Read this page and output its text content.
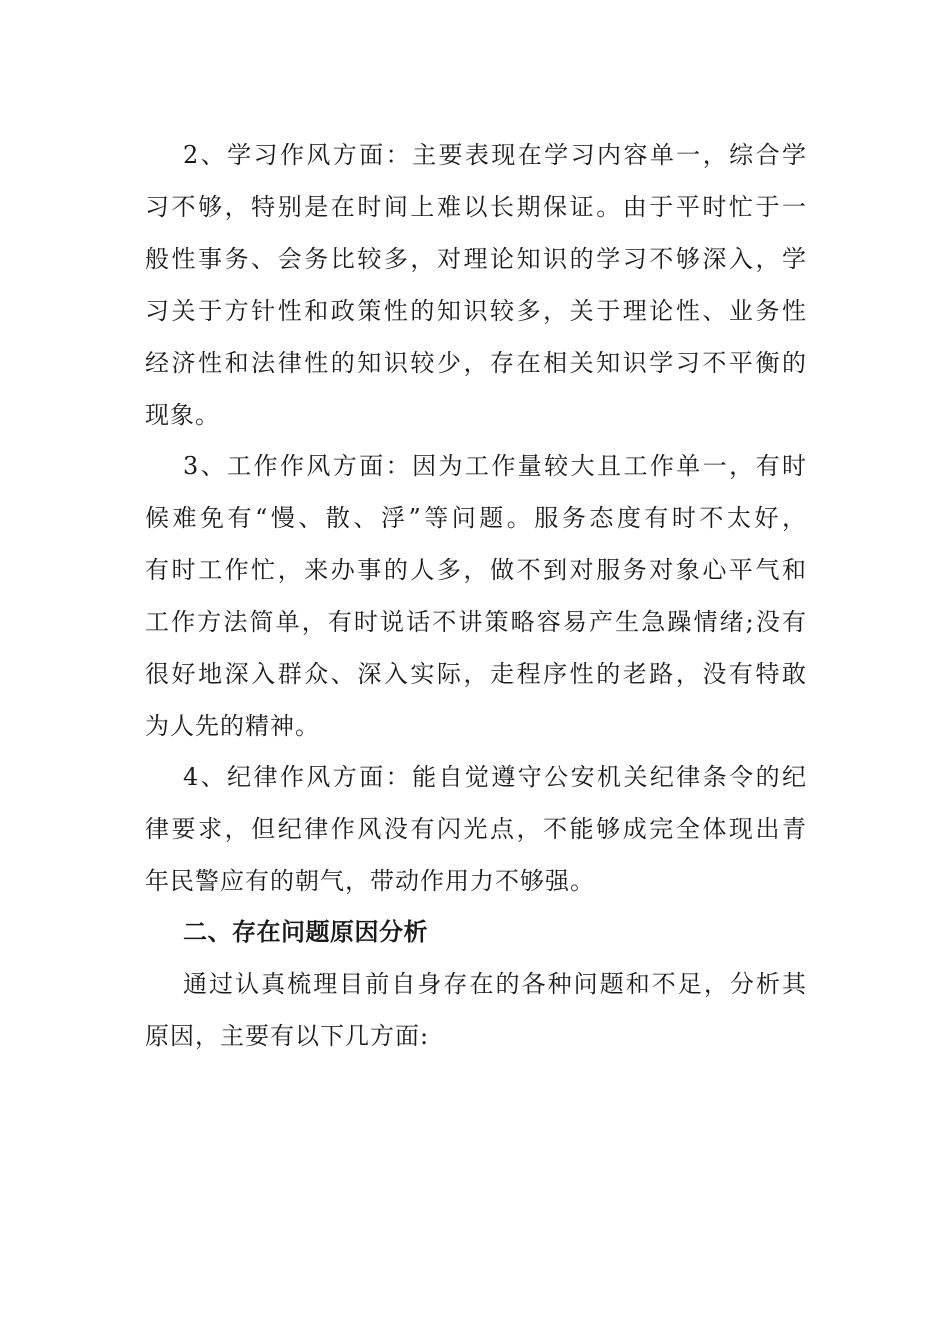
2、学习作风方面：主要表现在学习内容单一，综合学
习不够，特别是在时间上难以长期保证。由于平时忙于一
般性事务、会务比较多，对理论知识的学习不够深入，学
习关于方针性和政策性的知识较多，关于理论性、业务性
经济性和法律性的知识较少，存在相关知识学习不平衡的
现象。
3、工作作风方面：因为工作量较大且工作单一，有时
候难免有“慢、散、浮”等问题。服务态度有时不太好，
有时工作忙，来办事的人多，做不到对服务对象心平气和
工作方法简单，有时说话不讲策略容易产生急躁情绪;没有
很好地深入群众、深入实际，走程序性的老路，没有特敢
为人先的精神。
4、纪律作风方面：能自觉遵守公安机关纪律条令的纪
律要求，但纪律作风没有闪光点，不能够成完全体现出青
年民警应有的朝气，带动作用力不够强。
二、存在问题原因分析
通过认真梳理目前自身存在的各种问题和不足，分析其
原因，主要有以下几方面:
